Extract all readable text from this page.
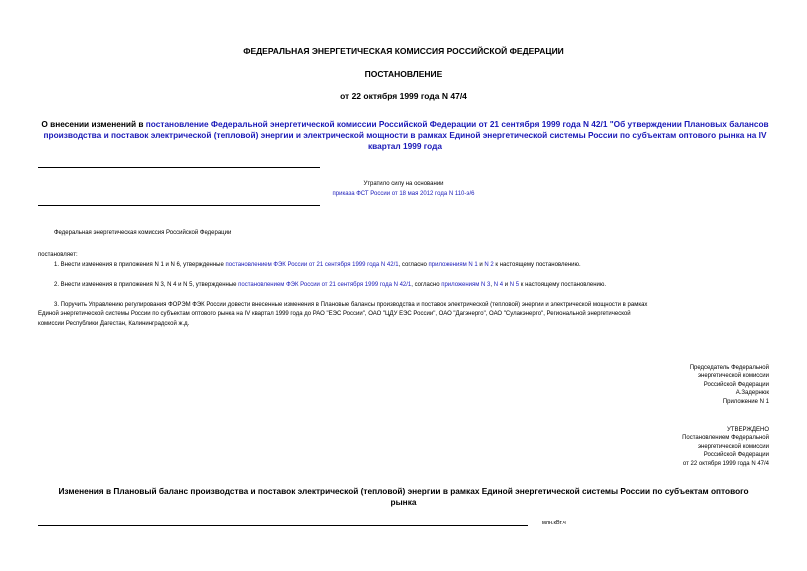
ФЕДЕРАЛЬНАЯ ЭНЕРГЕТИЧЕСКАЯ КОМИССИЯ РОССИЙСКОЙ ФЕДЕРАЦИИ
ПОСТАНОВЛЕНИЕ
от 22 октября 1999 года N 47/4
О внесении изменений в постановление Федеральной энергетической комиссии Российской Федерации от 21 сентября 1999 года N 42/1 "Об утверждении Плановых балансов производства и поставок электрической (тепловой) энергии и электрической мощности в рамках Единой энергетической системы России по субъектам оптового рынка на IV квартал 1999 года
Утратило силу на основании
приказа ФСТ России от 18 мая 2012 года N 110-э/6
Федеральная энергетическая комиссия Российской Федерации
постановляет:
1. Внести изменения в приложения N 1 и N 6, утвержденные постановлением ФЭК России от 21 сентября 1999 года N 42/1, согласно приложениям N 1 и N 2 к настоящему постановлению.
2. Внести изменения в приложения N 3, N 4 и N 5, утвержденные постановлением ФЭК России от 21 сентября 1999 года N 42/1, согласно приложениям N 3, N 4 и N 5 к настоящему постановлению.
3. Поручить Управлению регулирования ФОРЭМ ФЭК России довести внесенные изменения в Плановые балансы производства и поставок электрической (тепловой) энергии и электрической мощности в рамках
Единой энергетической системы России по субъектам оптового рынка на IV квартал 1999 года до РАО "ЕЭС России", ОАО "ЦДУ ЕЭС России", ОАО "Дагэнерго", ОАО "Сулакэнерго", Региональной энергетической
комиссии Республики Дагестан, Калининградской ж.д.
Председатель Федеральной
энергетической комиссии
Российской Федерации
А.Задернюк
Приложение N 1
УТВЕРЖДЕНО
Постановлением Федеральной
энергетической комиссии
Российской Федерации
от 22 октября 1999 года N 47/4
Изменения в Плановый баланс производства и поставок электрической (тепловой) энергии в рамках Единой энергетической системы России по субъектам оптового рынка
млн.кВт.ч
